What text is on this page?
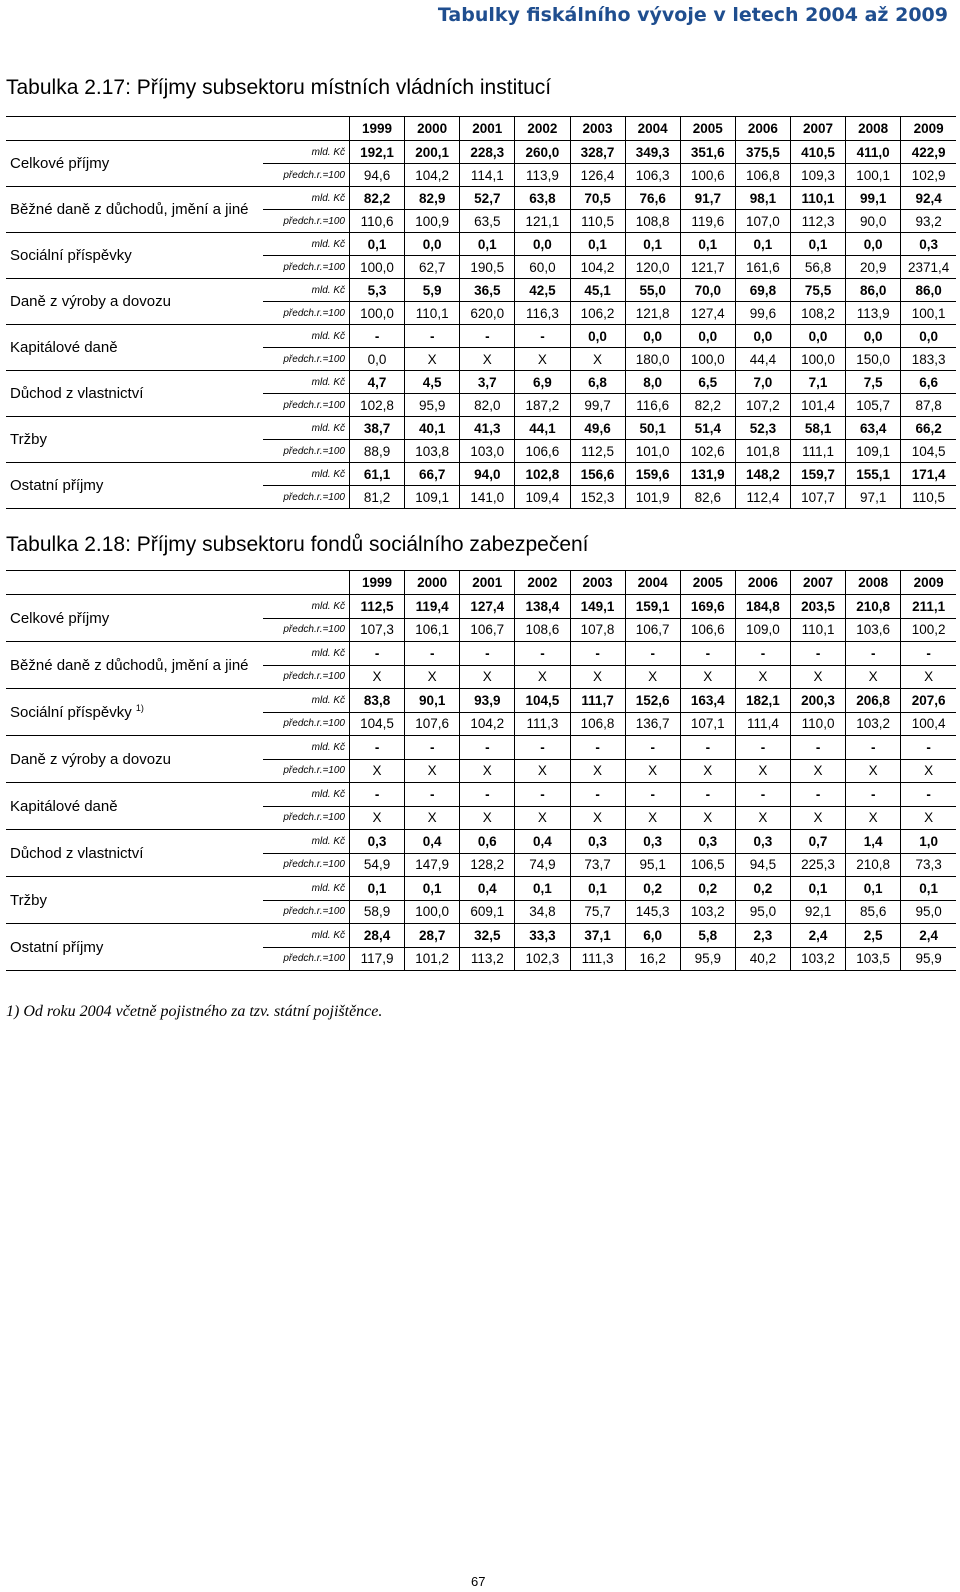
Tabulky fiskálního vývoje v letech 2004 až 2009
Tabulka 2.17: Příjmy subsektoru místních vládních institucí
		1999	2000	2001	2002	2003	2004	2005	2006	2007	2008	2009
Celkové příjmy	mld. Kč	192,1	200,1	228,3	260,0	328,7	349,3	351,6	375,5	410,5	411,0	422,9
	předch.r.=100	94,6	104,2	114,1	113,9	126,4	106,3	100,6	106,8	109,3	100,1	102,9
Běžné daně z důchodů, jmění a jiné	mld. Kč	82,2	82,9	52,7	63,8	70,5	76,6	91,7	98,1	110,1	99,1	92,4
	předch.r.=100	110,6	100,9	63,5	121,1	110,5	108,8	119,6	107,0	112,3	90,0	93,2
Sociální příspěvky	mld. Kč	0,1	0,0	0,1	0,0	0,1	0,1	0,1	0,1	0,1	0,0	0,3
	předch.r.=100	100,0	62,7	190,5	60,0	104,2	120,0	121,7	161,6	56,8	20,9	2371,4
Daně z výroby a dovozu	mld. Kč	5,3	5,9	36,5	42,5	45,1	55,0	70,0	69,8	75,5	86,0	86,0
	předch.r.=100	100,0	110,1	620,0	116,3	106,2	121,8	127,4	99,6	108,2	113,9	100,1
Kapitálové daně	mld. Kč	-	-	-	-	0,0	0,0	0,0	0,0	0,0	0,0	0,0
	předch.r.=100	0,0	X	X	X	X	180,0	100,0	44,4	100,0	150,0	183,3
Důchod z vlastnictví	mld. Kč	4,7	4,5	3,7	6,9	6,8	8,0	6,5	7,0	7,1	7,5	6,6
	předch.r.=100	102,8	95,9	82,0	187,2	99,7	116,6	82,2	107,2	101,4	105,7	87,8
Tržby	mld. Kč	38,7	40,1	41,3	44,1	49,6	50,1	51,4	52,3	58,1	63,4	66,2
	předch.r.=100	88,9	103,8	103,0	106,6	112,5	101,0	102,6	101,8	111,1	109,1	104,5
Ostatní příjmy	mld. Kč	61,1	66,7	94,0	102,8	156,6	159,6	131,9	148,2	159,7	155,1	171,4
	předch.r.=100	81,2	109,1	141,0	109,4	152,3	101,9	82,6	112,4	107,7	97,1	110,5
Tabulka 2.18: Příjmy subsektoru fondů sociálního zabezpečení
		1999	2000	2001	2002	2003	2004	2005	2006	2007	2008	2009
Celkové příjmy	mld. Kč	112,5	119,4	127,4	138,4	149,1	159,1	169,6	184,8	203,5	210,8	211,1
	předch.r.=100	107,3	106,1	106,7	108,6	107,8	106,7	106,6	109,0	110,1	103,6	100,2
Běžné daně z důchodů, jmění a jiné	mld. Kč	-	-	-	-	-	-	-	-	-	-	-
	předch.r.=100	X	X	X	X	X	X	X	X	X	X	X
Sociální příspěvky $^{1)}$	mld. Kč	83,8	90,1	93,9	104,5	111,7	152,6	163,4	182,1	200,3	206,8	207,6
	předch.r.=100	104,5	107,6	104,2	111,3	106,8	136,7	107,1	111,4	110,0	103,2	100,4
Daně z výroby a dovozu	mld. Kč	-	-	-	-	-	-	-	-	-	-	-
	předch.r.=100	X	X	X	X	X	X	X	X	X	X	X
Kapitálové daně	mld. Kč	-	-	-	-	-	-	-	-	-	-	-
	předch.r.=100	X	X	X	X	X	X	X	X	X	X	X
Důchod z vlastnictví	mld. Kč	0,3	0,4	0,6	0,4	0,3	0,3	0,3	0,3	0,7	1,4	1,0
	předch.r.=100	54,9	147,9	128,2	74,9	73,7	95,1	106,5	94,5	225,3	210,8	73,3
Tržby	mld. Kč	0,1	0,1	0,4	0,1	0,1	0,2	0,2	0,2	0,1	0,1	0,1
	předch.r.=100	58,9	100,0	609,1	34,8	75,7	145,3	103,2	95,0	92,1	85,6	95,0
Ostatní příjmy	mld. Kč	28,4	28,7	32,5	33,3	37,1	6,0	5,8	2,3	2,4	2,5	2,4
	předch.r.=100	117,9	101,2	113,2	102,3	111,3	16,2	95,9	40,2	103,2	103,5	95,9
1) Od roku 2004 včetně pojistného za tzv. státní pojištěnce.
67
